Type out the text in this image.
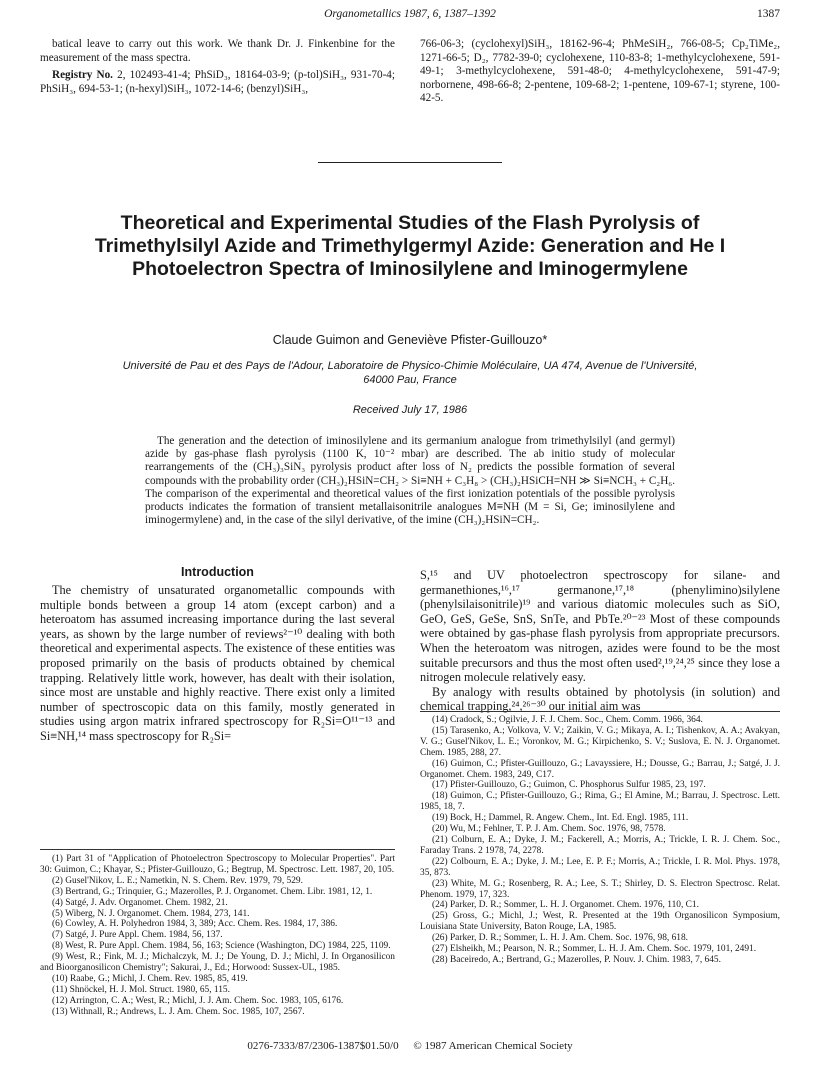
Organometallics 1987, 6, 1387–1392	1387

batical leave to carry out this work. We thank Dr. J. Finkenbine for the measurement of the mass spectra.

Registry No. 2, 102493-41-4; PhSiD₃, 18164-03-9; (p-tol)SiH₃, 931-70-4; PhSiH₃, 694-53-1; (n-hexyl)SiH₃, 1072-14-6; (benzyl)SiH₃,

766-06-3; (cyclohexyl)SiH₃, 18162-96-4; PhMeSiH₂, 766-08-5; Cp₂TiMe₂, 1271-66-5; D₂, 7782-39-0; cyclohexene, 110-83-8; 1-methylcyclohexene, 591-49-1; 3-methylcyclohexene, 591-48-0; 4-methylcyclohexene, 591-47-9; norbornene, 498-66-8; 2-pentene, 109-68-2; 1-pentene, 109-67-1; styrene, 100-42-5.

Theoretical and Experimental Studies of the Flash Pyrolysis of Trimethylsilyl Azide and Trimethylgermyl Azide: Generation and He I Photoelectron Spectra of Iminosilylene and Iminogermylene
Claude Guimon and Geneviève Pfister-Guillouzo*
Université de Pau et des Pays de l'Adour, Laboratoire de Physico-Chimie Moléculaire, UA 474, Avenue de l'Université, 64000 Pau, France
Received July 17, 1986

The generation and the detection of iminosilylene and its germanium analogue from trimethylsilyl (and germyl) azide by gas-phase flash pyrolysis (1100 K, 10⁻² mbar) are described. The ab initio study of molecular rearrangements of the (CH₃)₃SiN₃ pyrolysis product after loss of N₂ predicts the possible formation of several compounds with the probability order (CH₃)₂HSiN=CH₂ > Si≡NH + C₃H₈ > (CH₃)₂HSiCH=NH ≫ Si≡NCH₃ + C₂H₆. The comparison of the experimental and theoretical values of the first ionization potentials of the possible pyrolysis products indicates the formation of transient metallaisonitrile analogues M≡NH (M = Si, Ge; iminosilylene and iminogermylene) and, in the case of the silyl derivative, of the imine (CH₃)₂HSiN=CH₂.

Introduction

The chemistry of unsaturated organometallic compounds with multiple bonds between a group 14 atom (except carbon) and a heteroatom has assumed increasing importance during the last several years, as shown by the large number of reviews²⁻¹⁰ dealing with both theoretical and experimental aspects. The existence of these entities was proposed primarily on the basis of products obtained by chemical trapping. Relatively little work, however, has dealt with their isolation, since most are unstable and highly reactive. There exist only a limited number of spectroscopic data on this family, mostly generated in studies using argon matrix infrared spectroscopy for R₂Si=O¹¹⁻¹³ and Si≡NH,¹⁴ mass spectroscopy for R₂Si=

S,¹⁵ and UV photoelectron spectroscopy for silane- and germanethiones,¹⁶,¹⁷ germanone,¹⁷,¹⁸ (phenylimino)silylene (phenylsilaisonitrile)¹⁹ and various diatomic molecules such as SiO, GeO, GeS, GeSe, SnS, SnTe, and PbTe.²⁰⁻²³ Most of these compounds were obtained by gas-phase flash pyrolysis from appropriate precursors. When the heteroatom was nitrogen, azides were found to be the most suitable precursors and thus the most often used²,¹⁹,²⁴,²⁵ since they lose a nitrogen molecule relatively easy.

By analogy with results obtained by photolysis (in solution) and chemical trapping,²⁴,²⁶⁻³⁰ our initial aim was

(1) Part 31 of "Application of Photoelectron Spectroscopy to Molecular Properties". Part 30: Guimon, C.; Khayar, S.; Pfister-Guillouzo, G.; Begtrup, M. Spectrosc. Lett. 1987, 20, 105.

(2) Gusel'Nikov, L. E.; Nametkin, N. S. Chem. Rev. 1979, 79, 529.

(3) Bertrand, G.; Trinquier, G.; Mazerolles, P. J. Organomet. Chem. Libr. 1981, 12, 1.

(4) Satgé, J. Adv. Organomet. Chem. 1982, 21.

(5) Wiberg, N. J. Organomet. Chem. 1984, 273, 141.

(6) Cowley, A. H. Polyhedron 1984, 3, 389; Acc. Chem. Res. 1984, 17, 386.

(7) Satgé, J. Pure Appl. Chem. 1984, 56, 137.

(8) West, R. Pure Appl. Chem. 1984, 56, 163; Science (Washington, DC) 1984, 225, 1109.

(9) West, R.; Fink, M. J.; Michalczyk, M. J.; De Young, D. J.; Michl, J. In Organosilicon and Bioorganosilicon Chemistry"; Sakurai, J., Ed.; Horwood: Sussex-UL, 1985.

(10) Raabe, G.; Michl, J. Chem. Rev. 1985, 85, 419.

(11) Shnöckel, H. J. Mol. Struct. 1980, 65, 115.

(12) Arrington, C. A.; West, R.; Michl, J. J. Am. Chem. Soc. 1983, 105, 6176.

(13) Withnall, R.; Andrews, L. J. Am. Chem. Soc. 1985, 107, 2567.

(14) Cradock, S.; Ogilvie, J. F. J. Chem. Soc., Chem. Comm. 1966, 364.

(15) Tarasenko, A.; Volkova, V. V.; Zaikin, V. G.; Mikaya, A. I.; Tishenkov, A. A.; Avakyan, V. G.; Gusel'Nikov, L. E.; Voronkov, M. G.; Kirpichenko, S. V.; Suslova, E. N. J. Organomet. Chem. 1985, 288, 27.

(16) Guimon, C.; Pfister-Guillouzo, G.; Lavayssiere, H.; Dousse, G.; Barrau, J.; Satgé, J. J. Organomet. Chem. 1983, 249, C17.

(17) Pfister-Guillouzo, G.; Guimon, C. Phosphorus Sulfur 1985, 23, 197.

(18) Guimon, C.; Pfister-Guillouzo, G.; Rima, G.; El Amine, M.; Barrau, J. Spectrosc. Lett. 1985, 18, 7.

(19) Bock, H.; Dammel, R. Angew. Chem., Int. Ed. Engl. 1985, 111.

(20) Wu, M.; Fehlner, T. P. J. Am. Chem. Soc. 1976, 98, 7578.

(21) Colburn, E. A.; Dyke, J. M.; Fackerell, A.; Morris, A.; Trickle, I. R. J. Chem. Soc., Faraday Trans. 2 1978, 74, 2278.

(22) Colbourn, E. A.; Dyke, J. M.; Lee, E. P. F.; Morris, A.; Trickle, I. R. Mol. Phys. 1978, 35, 873.

(23) White, M. G.; Rosenberg, R. A.; Lee, S. T.; Shirley, D. S. Electron Spectrosc. Relat. Phenom. 1979, 17, 323.

(24) Parker, D. R.; Sommer, L. H. J. Organomet. Chem. 1976, 110, C1.

(25) Gross, G.; Michl, J.; West, R. Presented at the 19th Organosilicon Symposium, Louisiana State University, Baton Rouge, LA, 1985.

(26) Parker, D. R.; Sommer, L. H. J. Am. Chem. Soc. 1976, 98, 618.

(27) Elsheikh, M.; Pearson, N. R.; Sommer, L. H. J. Am. Chem. Soc. 1979, 101, 2491.

(28) Baceiredo, A.; Bertrand, G.; Mazerolles, P. Nouv. J. Chim. 1983, 7, 645.

0276-7333/87/2306-1387$01.50/0 © 1987 American Chemical Society
